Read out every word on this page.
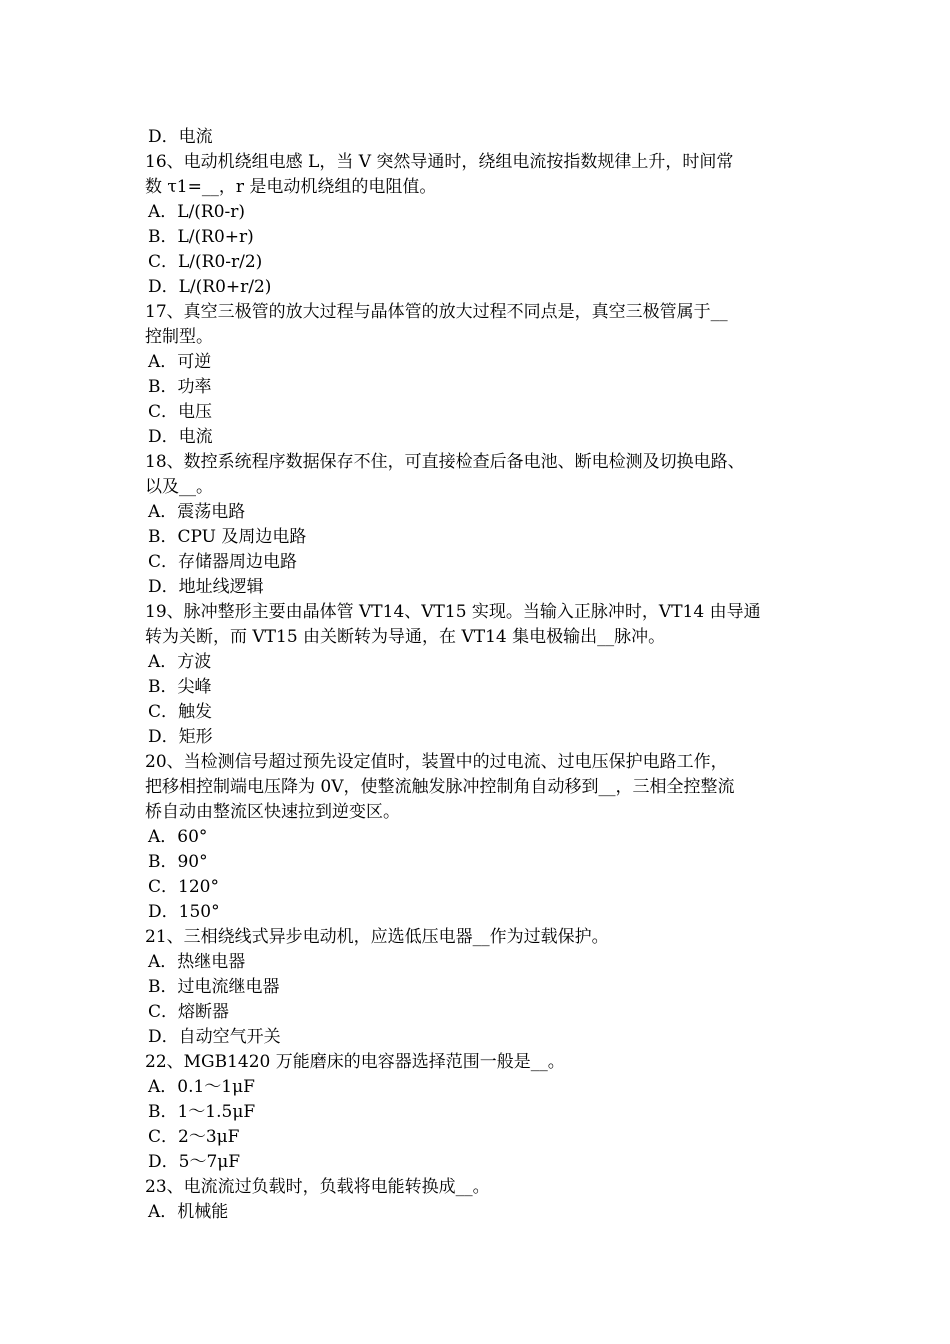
D．电流
16、电动机绕组电感 L，当 V 突然导通时，绕组电流按指数规律上升，时间常
数 τ1=__，r 是电动机绕组的电阻值。
A．L/(R0-r)
B．L/(R0+r)
C．L/(R0-r/2)
D．L/(R0+r/2)
17、真空三极管的放大过程与晶体管的放大过程不同点是，真空三极管属于__
控制型。
A．可逆
B．功率
C．电压
D．电流
18、数控系统程序数据保存不住，可直接检查后备电池、断电检测及切换电路、
以及__。
A．震荡电路
B．CPU 及周边电路
C．存储器周边电路
D．地址线逻辑
19、脉冲整形主要由晶体管 VT14、VT15 实现。当输入正脉冲时，VT14 由导通
转为关断，而 VT15 由关断转为导通，在 VT14 集电极输出__脉冲。
A．方波
B．尖峰
C．触发
D．矩形
20、当检测信号超过预先设定值时，装置中的过电流、过电压保护电路工作，
把移相控制端电压降为 0V，使整流触发脉冲控制角自动移到__，三相全控整流
桥自动由整流区快速拉到逆变区。
A．60°
B．90°
C．120°
D．150°
21、三相绕线式异步电动机，应选低压电器__作为过载保护。
A．热继电器
B．过电流继电器
C．熔断器
D．自动空气开关
22、MGB1420 万能磨床的电容器选择范围一般是__。
A．0.1～1μF
B．1～1.5μF
C．2～3μF
D．5～7μF
23、电流流过负载时，负载将电能转换成__。
A．机械能
